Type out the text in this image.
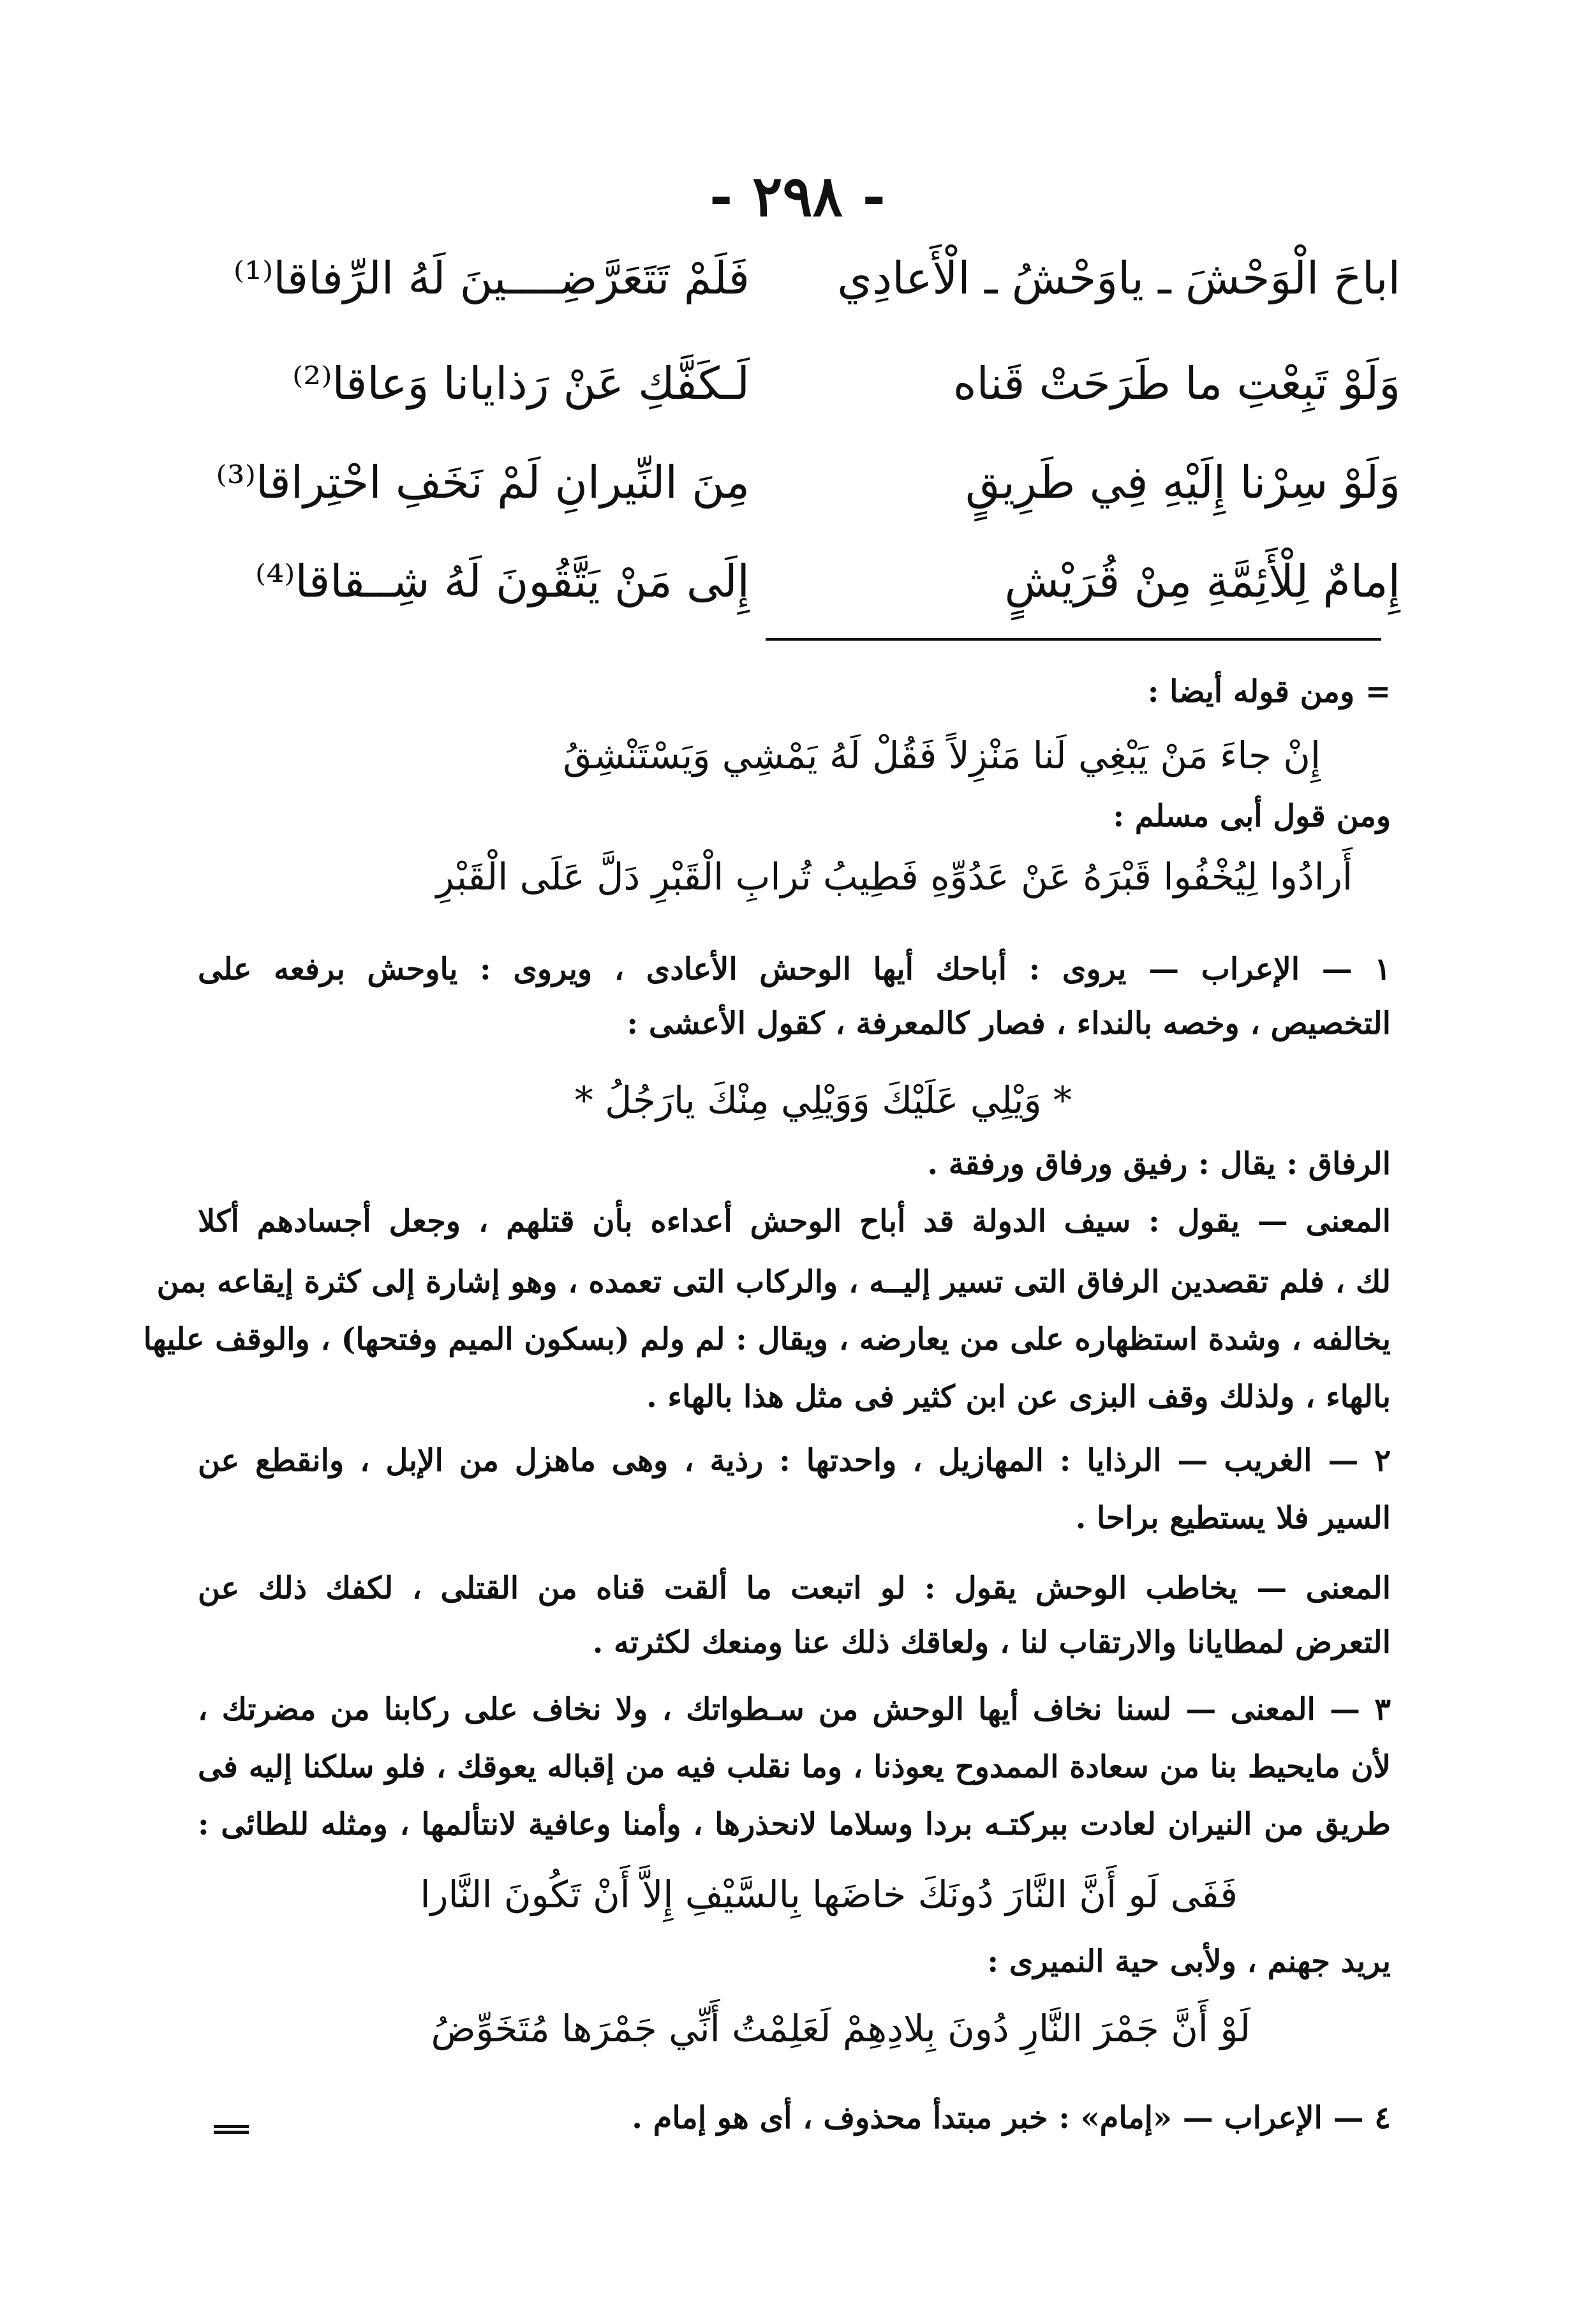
- ٢٩٨ -
اباحَ الْوَحْشَ ـ ياوَحْشُ ـ الْأَعادِي
فَلَمْ تَتَعَرَّضِــــينَ لَهُ الرِّفاقا⁽¹⁾
وَلَوْ تَبِعْتِ ما طَرَحَتْ قَناه
لَـكَفَّكِ عَنْ رَذايانا وَعاقا⁽²⁾
وَلَوْ سِرْنا إِلَيْهِ فِي طَرِيقٍ
مِنَ النِّيرانِ لَمْ نَخَفِ احْتِراقا⁽³⁾
إِمامٌ لِلْأَئِمَّةِ مِنْ قُرَيْشٍ
إِلَى مَنْ يَتَّقُونَ لَهُ شِــقاقا⁽⁴⁾
= ومن قوله أيضا :
إِنْ جاءَ مَنْ يَبْغِي لَنا مَنْزِلاً فَقُلْ لَهُ يَمْشِي وَيَسْتَنْشِقُ
ومن قول أبى مسلم :
أَرادُوا لِيُخْفُوا قَبْرَهُ عَنْ عَدُوِّهِ فَطِيبُ تُرابِ الْقَبْرِ دَلَّ عَلَى الْقَبْرِ
١ — الإعراب — يروى : أباحك أيها الوحش الأعادى ، ويروى : ياوحش برفعه على
التخصيص ، وخصه بالنداء ، فصار كالمعرفة ، كقول الأعشى :
* وَيْلِي عَلَيْكَ وَوَيْلِي مِنْكَ يارَجُلُ *
الرفاق : يقال : رفيق ورفاق ورفقة .
المعنى — يقول : سيف الدولة قد أباح الوحش أعداءه بأن قتلهم ، وجعل أجسادهم أكلا
لك ، فلم تقصدين الرفاق التى تسير إليــه ، والركاب التى تعمده ، وهو إشارة إلى كثرة إيقاعه بمن
يخالفه ، وشدة استظهاره على من يعارضه ، ويقال : لم ولم (بسكون الميم وفتحها) ، والوقف عليها
بالهاء ، ولذلك وقف البزى عن ابن كثير فى مثل هذا بالهاء .
٢ — الغريب — الرذايا : المهازيل ، واحدتها : رذية ، وهى ماهزل من الإبل ، وانقطع عن
السير فلا يستطيع براحا .
المعنى — يخاطب الوحش يقول : لو اتبعت ما ألقت قناه من القتلى ، لكفك ذلك عن
التعرض لمطايانا والارتقاب لنا ، ولعاقك ذلك عنا ومنعك لكثرته .
٣ — المعنى — لسنا نخاف أيها الوحش من سـطواتك ، ولا نخاف على ركابنا من مضرتك ،
لأن مايحيط بنا من سعادة الممدوح يعوذنا ، وما نقلب فيه من إقباله يعوقك ، فلو سلكنا إليه فى
طريق من النيران لعادت ببركتـه بردا وسلاما لانحذرها ، وأمنا وعافية لانتألمها ، ومثله للطائى :
فَفَى لَو أَنَّ النَّارَ دُونَكَ خاضَها بِالسَّيْفِ إِلاَّ أَنْ تَكُونَ النَّارا
يريد جهنم ، ولأبى حية النميرى :
لَوْ أَنَّ جَمْرَ النَّارِ دُونَ بِلادِهِمْ لَعَلِمْتُ أَنِّي جَمْرَها مُتَخَوِّضُ
٤ — الإعراب — «إمام» : خبر مبتدأ محذوف ، أى هو إمام .
